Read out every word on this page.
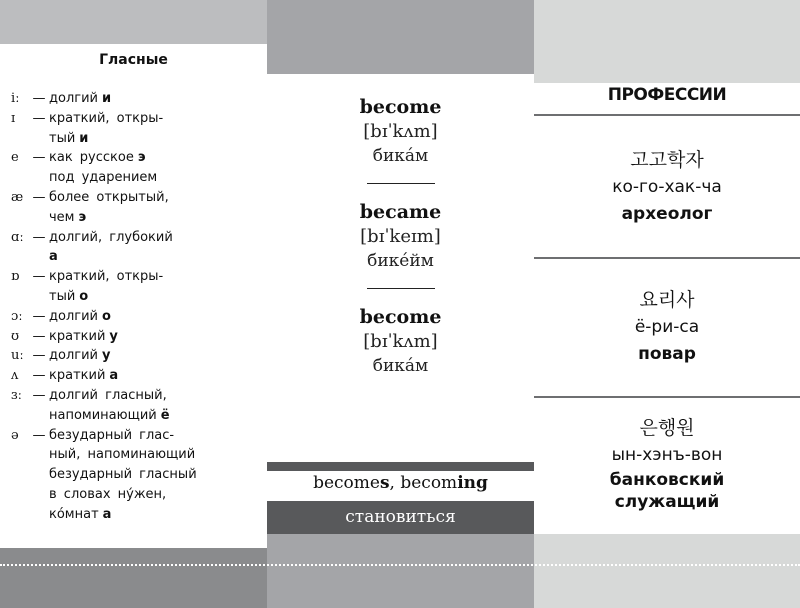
Гласные
iː — долгий и
ɪ	— краткий, откры-
тый и
e	— как русское э
под ударением
æ — более открытый,
чем э
ɑː — долгий, глубокий
а
ɒ	— краткий, откры-
тый о
ɔː — долгий о
ʊ	— краткий у
uː — долгий у
ʌ	— краткий а
ɜː — долгий гласный,
напоминающий ё
ə	— безударный глас-
ный, напоминающий
безударный гласный
в словах нýжен,
кóмнат а
become
[bɪˈkʌm]
бикáм
became
[bɪˈkeɪm]
бикéйм
become
[bɪˈkʌm]
бикáм
becomes, becoming
становиться
ПРОФЕССИИ
고고학자
ко-го-хак-ча
археолог
요리사
ё-ри-са
повар
은행원
ын-хэнъ-вон
банковский
служащий
